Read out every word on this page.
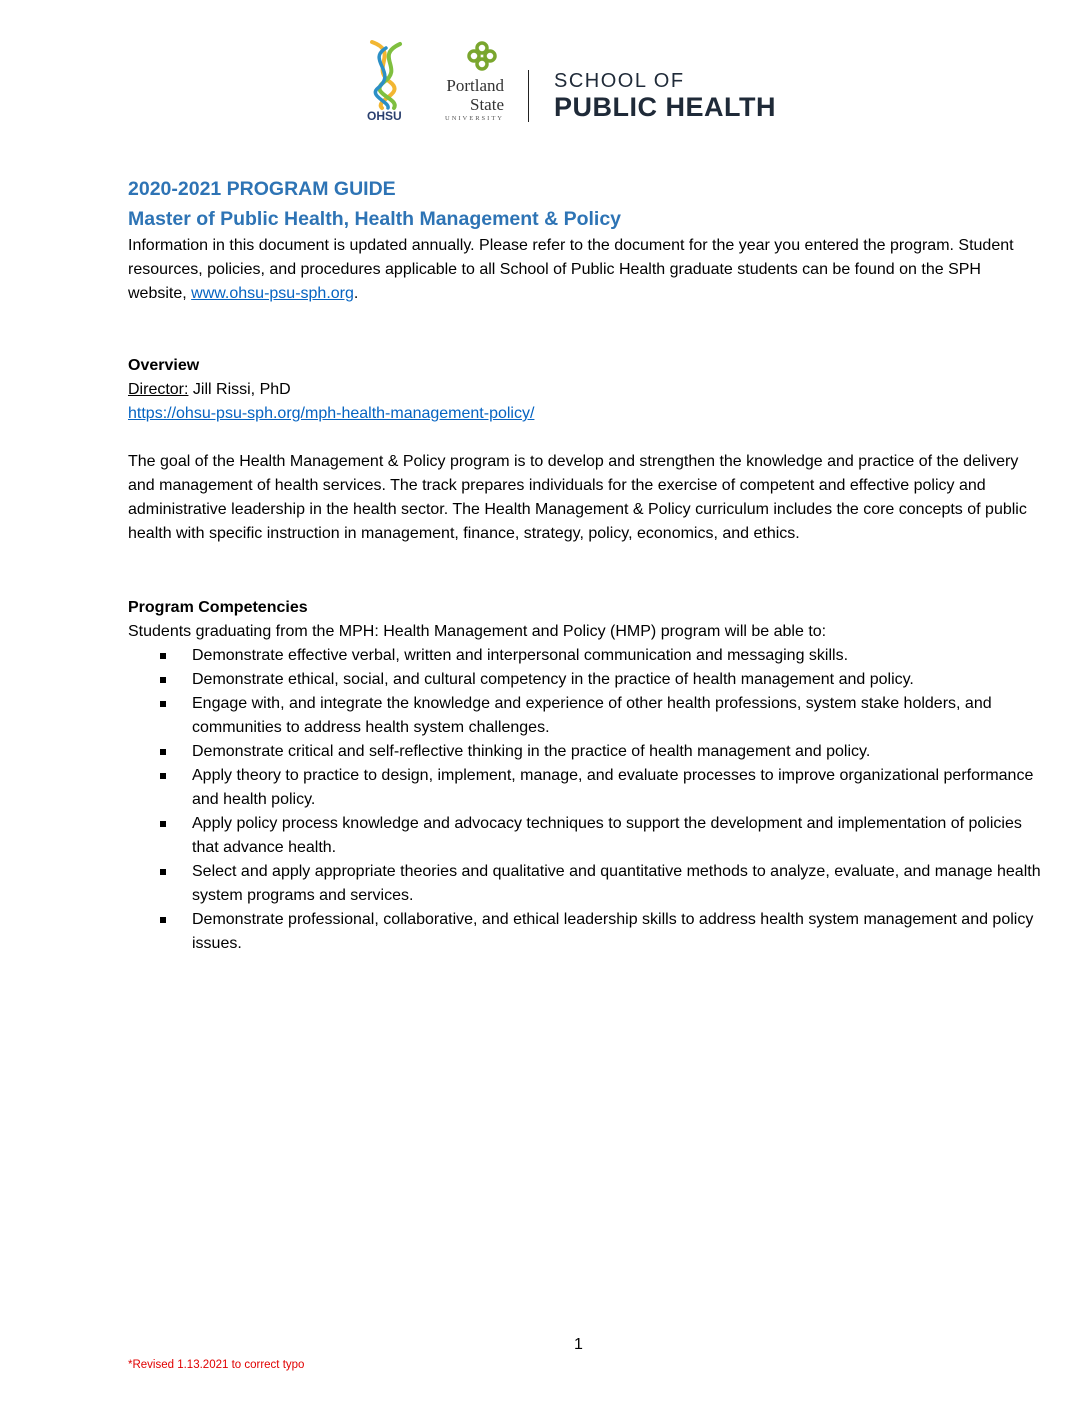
OHSU
Portland
State
UNIVERSITY
SCHOOL OF
PUBLIC HEALTH
2020-2021 PROGRAM GUIDE
Master of Public Health, Health Management & Policy

Information in this document is updated annually. Please refer to the document for the year you entered the program. Student resources, policies, and procedures applicable to all School of Public Health graduate students can be found on the SPH website, www.ohsu-psu-sph.org.

Overview

Director: Jill Rissi, PhD

https://ohsu-psu-sph.org/mph-health-management-policy/

The goal of the Health Management & Policy program is to develop and strengthen the knowledge and practice of the delivery and management of health services. The track prepares individuals for the exercise of competent and effective policy and administrative leadership in the health sector. The Health Management & Policy curriculum includes the core concepts of public health with specific instruction in management, finance, strategy, policy, economics, and ethics.

Program Competencies

Students graduating from the MPH: Health Management and Policy (HMP) program will be able to:

Demonstrate effective verbal, written and interpersonal communication and messaging skills.
Demonstrate ethical, social, and cultural competency in the practice of health management and policy.
Engage with, and integrate the knowledge and experience of other health professions, system stake holders, and communities to address health system challenges.
Demonstrate critical and self-reflective thinking in the practice of health management and policy.
Apply theory to practice to design, implement, manage, and evaluate processes to improve organizational performance and health policy.
Apply policy process knowledge and advocacy techniques to support the development and implementation of policies that advance health.
Select and apply appropriate theories and qualitative and quantitative methods to analyze, evaluate, and manage health system programs and services.
Demonstrate professional, collaborative, and ethical leadership skills to address health system management and policy issues.
1
*Revised 1.13.2021 to correct typo
